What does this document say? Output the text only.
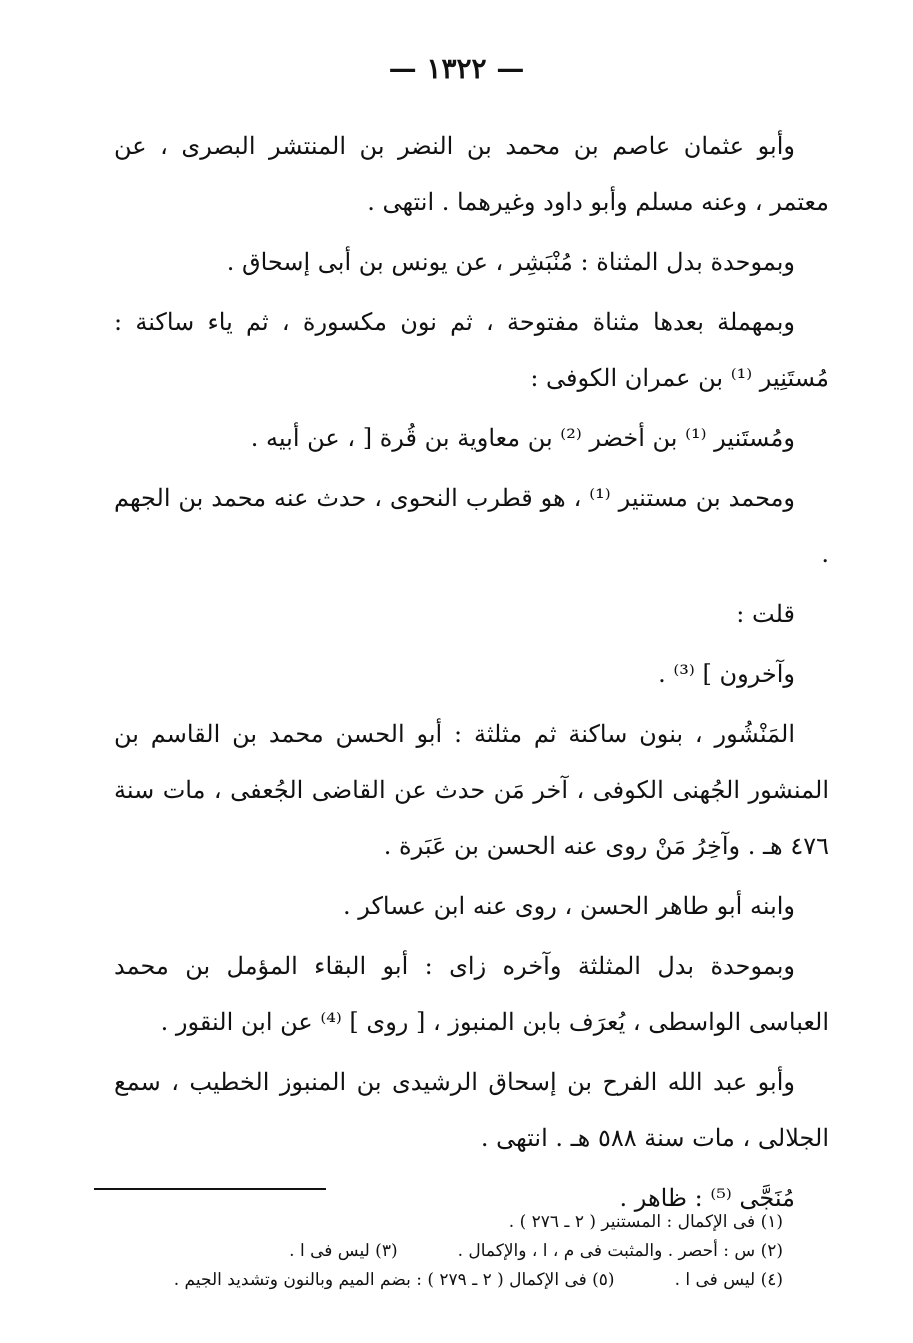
— ١٣٢٢ —

وأبو عثمان عاصم بن محمد بن النضر بن المنتشر البصرى ، عن معتمر ، وعنه مسلم وأبو داود وغيرهما . انتهى .

وبموحدة بدل المثناة : مُنْبَشِر ، عن يونس بن أبى إسحاق .

وبمهملة بعدها مثناة مفتوحة ، ثم نون مكسورة ، ثم ياء ساكنة : مُستَنِير ⁽¹⁾ بن عمران الكوفى :

ومُستَنير ⁽¹⁾ بن أخضر ⁽²⁾ بن معاوية بن قُرة [ ، عن أبيه .

ومحمد بن مستنير ⁽¹⁾ ، هو قطرب النحوى ، حدث عنه محمد بن الجهم .

قلت :

وآخرون ] ⁽³⁾ .

المَنْشُور ، بنون ساكنة ثم مثلثة : أبو الحسن محمد بن القاسم بن المنشور الجُهنى الكوفى ، آخر مَن حدث عن القاضى الجُعفى ، مات سنة ٤٧٦ هـ . وآخِرُ مَنْ روى عنه الحسن بن عَبَرة .

وابنه أبو طاهر الحسن ، روى عنه ابن عساكر .

وبموحدة بدل المثلثة وآخره زاى : أبو البقاء المؤمل بن محمد العباسى الواسطى ، يُعرَف بابن المنبوز ، [ روى ] ⁽⁴⁾ عن ابن النقور .

وأبو عبد الله الفرح بن إسحاق الرشيدى بن المنبوز الخطيب ، سمع الجلالى ، مات سنة ٥٨٨ هـ . انتهى .

مُنَجَّى ⁽⁵⁾ : ظاهر .

(١) فى الإكمال : المستنير ( ٢ ـ ٢٧٦ ) .
(٢) س : أحصر . والمثبت فى م ، ا ، والإكمال .
(٣) ليس فى ا .
(٤) ليس فى ا .
(٥) فى الإكمال ( ٢ ـ ٢٧٩ ) : بضم الميم وبالنون وتشديد الجيم .
